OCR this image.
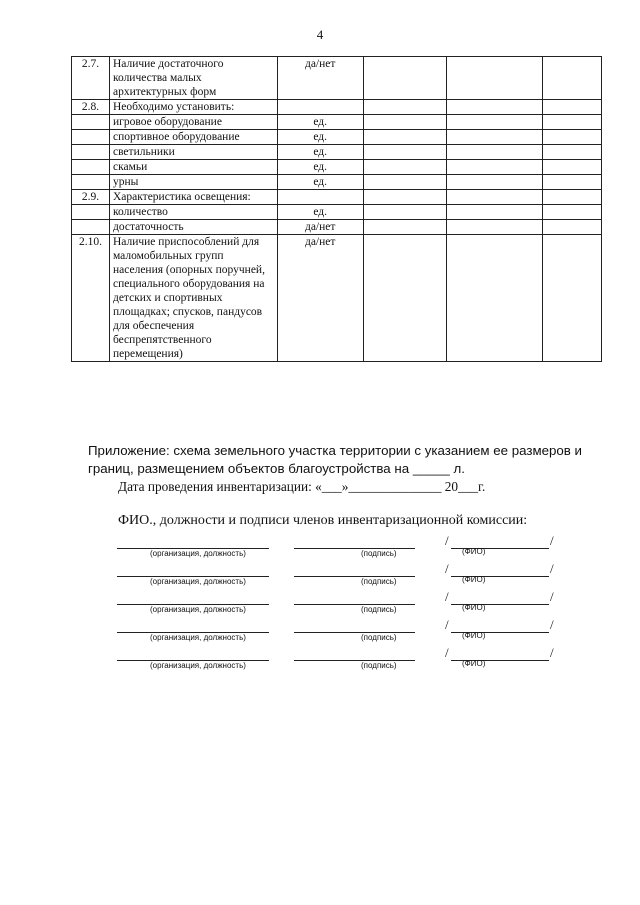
4
2.7.	Наличие достаточного количества малых архитектурных форм	да/нет			
2.8.	Необходимо установить:				
	игровое оборудование	ед.			
	спортивное оборудование	ед.			
	светильники	ед.			
	скамьи	ед.			
	урны	ед.			
2.9.	Характеристика освещения:				
	количество	ед.			
	достаточность	да/нет			
2.10.	Наличие приспособлений для маломобильных групп населения (опорных поручней, специального оборудования на детских и спортивных площадках; спусков, пандусов для обеспечения беспрепятственного перемещения)	да/нет			
Приложение: схема земельного участка территории с указанием ее размеров и границ, размещением объектов благоустройства на _____ л.
Дата проведения инвентаризации: «___»______________ 20___г.
ФИО., должности и подписи членов инвентаризационной комиссии:
/	/
(организация, должность)	(подпись)	(ФИО)
/	/
(организация, должность)	(подпись)	(ФИО)
/	/
(организация, должность)	(подпись)	(ФИО)
/	/
(организация, должность)	(подпись)	(ФИО)
/	/
(организация, должность)	(подпись)	(ФИО)
